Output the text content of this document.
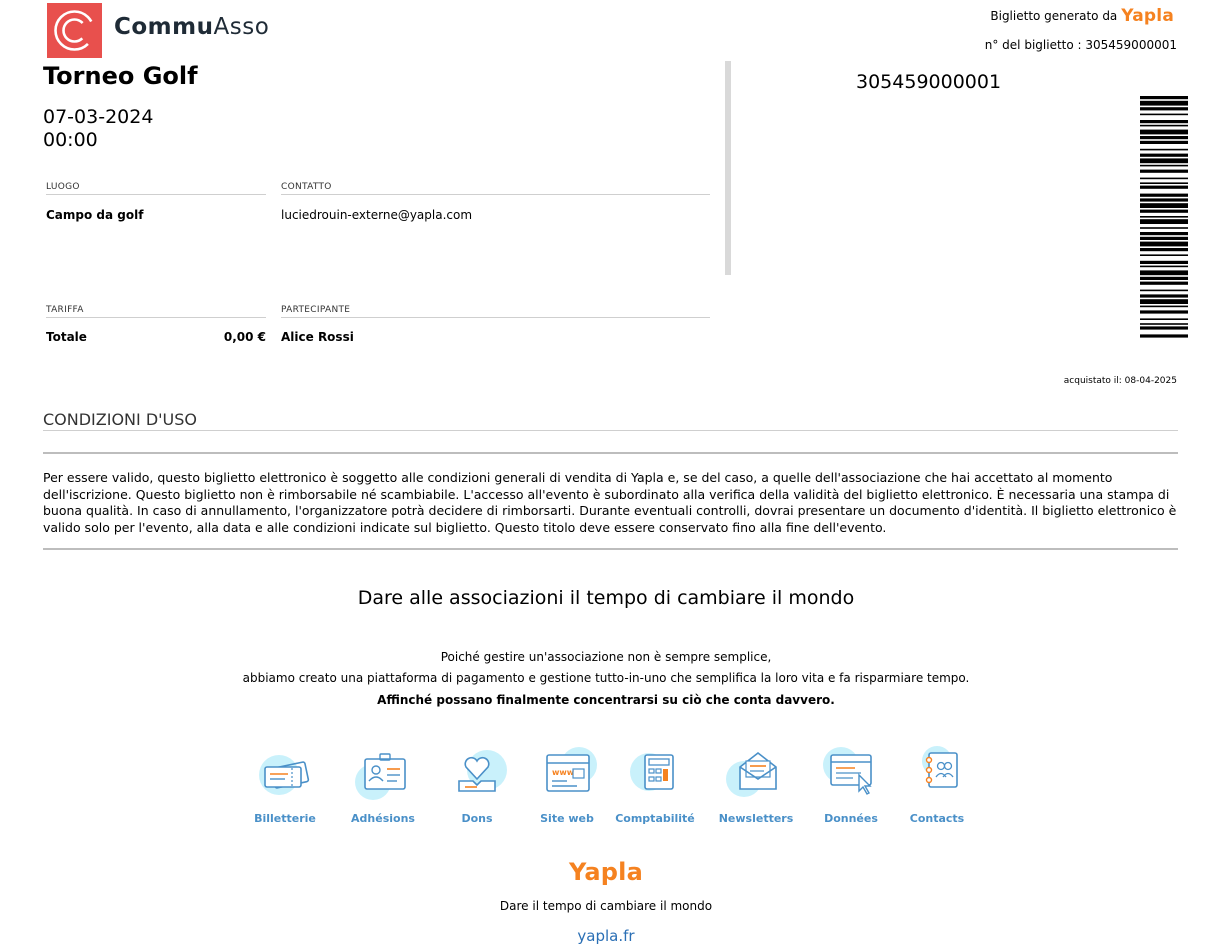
CommuAsso	Biglietto generato da Yapla
n° del biglietto : 305459000001
Torneo Golf
07-03-2024
00:00
LUOGO
Campo da golf
CONTATTO
luciedrouin-externe@yapla.com
TARIFFA
Totale	0,00 €
PARTECIPANTE
Alice Rossi
305459000001
acquistato il: 08-04-2025
CONDIZIONI D'USO
Per essere valido, questo biglietto elettronico è soggetto alle condizioni generali di vendita di Yapla e, se del caso, a quelle dell'associazione che hai accettato al momento dell'iscrizione. Questo biglietto non è rimborsabile né scambiabile. L'accesso all'evento è subordinato alla verifica della validità del biglietto elettronico. È necessaria una stampa di buona qualità. In caso di annullamento, l'organizzatore potrà decidere di rimborsarti. Durante eventuali controlli, dovrai presentare un documento d'identità. Il biglietto elettronico è valido solo per l'evento, alla data e alle condizioni indicate sul biglietto. Questo titolo deve essere conservato fino alla fine dell'evento.
Dare alle associazioni il tempo di cambiare il mondo
Poiché gestire un'associazione non è sempre semplice,
abbiamo creato una piattaforma di pagamento e gestione tutto-in-uno che semplifica la loro vita e fa risparmiare tempo.
Affinché possano finalmente concentrarsi su ciò che conta davvero.
Billetterie	Adhésions	Dons
www
Site web	Comptabilité	Newsletters	Données	Contacts
Yapla
Dare il tempo di cambiare il mondo
yapla.fr
